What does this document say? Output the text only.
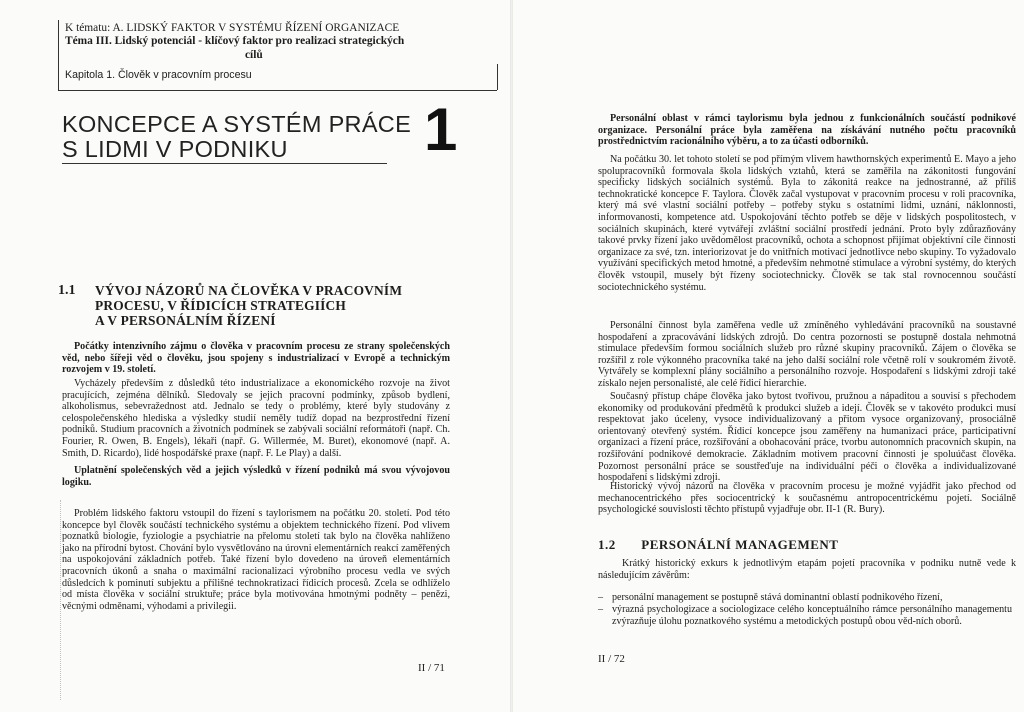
K tématu: A. LIDSKÝ FAKTOR V SYSTÉMU ŘÍZENÍ ORGANIZACE
Téma III. Lidský potenciál - klíčový faktor pro realizaci strategických
cílů
Kapitola 1. Člověk v pracovním procesu
KONCEPCE A SYSTÉM PRÁCE
S LIDMI V PODNIKU	1
1.1 VÝVOJ NÁZORŮ NA ČLOVĚKA V PRACOVNÍM
PROCESU, V ŘÍDICÍCH STRATEGIÍCH
A V PERSONÁLNÍM ŘÍZENÍ
Počátky intenzivního zájmu o člověka v pracovním procesu ze strany společenských věd, nebo šířeji věd o člověku, jsou spojeny s industrializací v Evropě a technickým rozvojem v 19. století.
Vycházely především z důsledků této industrializace a ekonomického rozvoje na život pracujících, zejména dělníků. Sledovaly se jejich pracovní podmínky, způsob bydlení, alkoholismus, sebevražednost atd. Jednalo se tedy o problémy, které byly studovány z celospolečenského hlediska a výsledky studií neměly tudíž dopad na bezprostřední řízení podniků. Studium pracovních a životních podmínek se zabývali sociální reformátoři (např. Ch. Fourier, R. Owen, B. Engels), lékaři (např. G. Willermée, M. Buret), ekonomové (např. A. Smith, D. Ricardo), lidé hospodářské praxe (např. F. Le Play) a další.
Uplatnění společenských věd a jejich výsledků v řízení podniků má svou vývojovou logiku.
Problém lidského faktoru vstoupil do řízení s taylorismem na počátku 20. století. Pod této koncepce byl člověk součástí technického systému a objektem technického řízení. Pod vlivem poznatků biologie, fyziologie a psychiatrie na přelomu století tak bylo na člověka nahlíženo jako na přírodní bytost. Chování bylo vysvětlováno na úrovni elementárních reakcí zaměřených na uspokojování základních potřeb. Také řízení bylo dovedeno na úroveň elementárních pracovních úkonů a snaha o maximální racionalizaci výrobního procesu vedla ve svých důsledcích k pominutí subjektu a přílišné technokratizaci řídicích procesů. Zcela se odhlíželo od místa člověka v sociální struktuře; práce byla motivována hmotnými podněty – penězi, věcnými odměnami, výhodami a privilegii.
II / 71
Personální oblast v rámci taylorismu byla jednou z funkcionálních součástí podnikové organizace. Personální práce byla zaměřena na získávání nutného počtu pracovníků prostřednictvím racionálního výběru, a to za účasti odborníků.
Na počátku 30. let tohoto století se pod přímým vlivem hawthornských experimentů E. Mayo a jeho spolupracovníků formovala škola lidských vztahů, která se zaměřila na zákonitosti fungování specificky lidských sociálních systémů. Byla to zákonitá reakce na jednostranné, až příliš technokratické koncepce F. Taylora. Člověk začal vystupovat v pracovním procesu v roli pracovníka, který má své vlastní sociální potřeby – potřeby styku s ostatními lidmi, uznání, náklonnosti, informovanosti, kompetence atd. Uspokojování těchto potřeb se děje v lidských pospolitostech, v sociálních skupinách, které vytvářejí zvláštní sociální prostředí jednání. Proto byly zdůrazňovány takové prvky řízení jako uvědomělost pracovníků, ochota a schopnost přijímat objektivní cíle činnosti organizace za své, tzn. interiorizovat je do vnitřních motivací jednotlivce nebo skupiny. To vyžadovalo využívání specifických metod hmotné, a především nehmotné stimulace a výrobní systémy, do kterých člověk vstoupil, musely být řízeny sociotechnicky. Člověk se tak stal rovnocennou součástí sociotechnického systému.
Personální činnost byla zaměřena vedle už zmíněného vyhledávání pracovníků na soustavné hospodaření a zpracovávání lidských zdrojů. Do centra pozornosti se postupně dostala nehmotná stimulace především formou sociálních služeb pro různé skupiny pracovníků. Zájem o člověka se rozšířil z role výkonného pracovníka také na jeho další sociální role včetně rolí v soukromém životě. Vytvářely se komplexní plány sociálního a personálního rozvoje. Hospodaření s lidskými zdroji také získalo nejen personalisté, ale celé řídicí hierarchie.
Současný přístup chápe člověka jako bytost tvořivou, pružnou a nápaditou a souvisí s přechodem ekonomiky od produkování předmětů k produkci služeb a idejí. Člověk se v takovéto produkci musí respektovat jako úceleny, vysoce individualizovaný a přitom vysoce organizovaný, prosociálně orientovaný otevřený systém. Řídicí koncepce jsou zaměřeny na humanizaci práce, participativní organizaci a řízení práce, rozšiřování a obohacování práce, tvorbu autonomních pracovních skupin, na rozšiřování podnikové demokracie. Základním motivem pracovní činnosti je spoluúčast člověka. Pozornost personální práce se soustřeďuje na individuální péči o člověka a individualizované hospodaření s lidskými zdroji.
Historický vývoj názorů na člověka v pracovním procesu je možné vyjádřit jako přechod od mechanocentrického přes sociocentrický k současnému antropocentrickému pojetí. Sociálně psychologické souvislosti těchto přístupů vyjadřuje obr. II-1 (R. Bury).
II / 72
1.2 PERSONÁLNÍ MANAGEMENT
Krátký historický exkurs k jednotlivým etapám pojetí pracovníka v podniku nutně vede k následujícím závěrům:
– personální management se postupně stává dominantní oblastí podnikového řízení,
– výrazná psychologizace a sociologizace celého konceptuálního rámce personálního managementu zvýrazňuje úlohu poznatkového systému a metodických postupů obou věd-ních oborů.
